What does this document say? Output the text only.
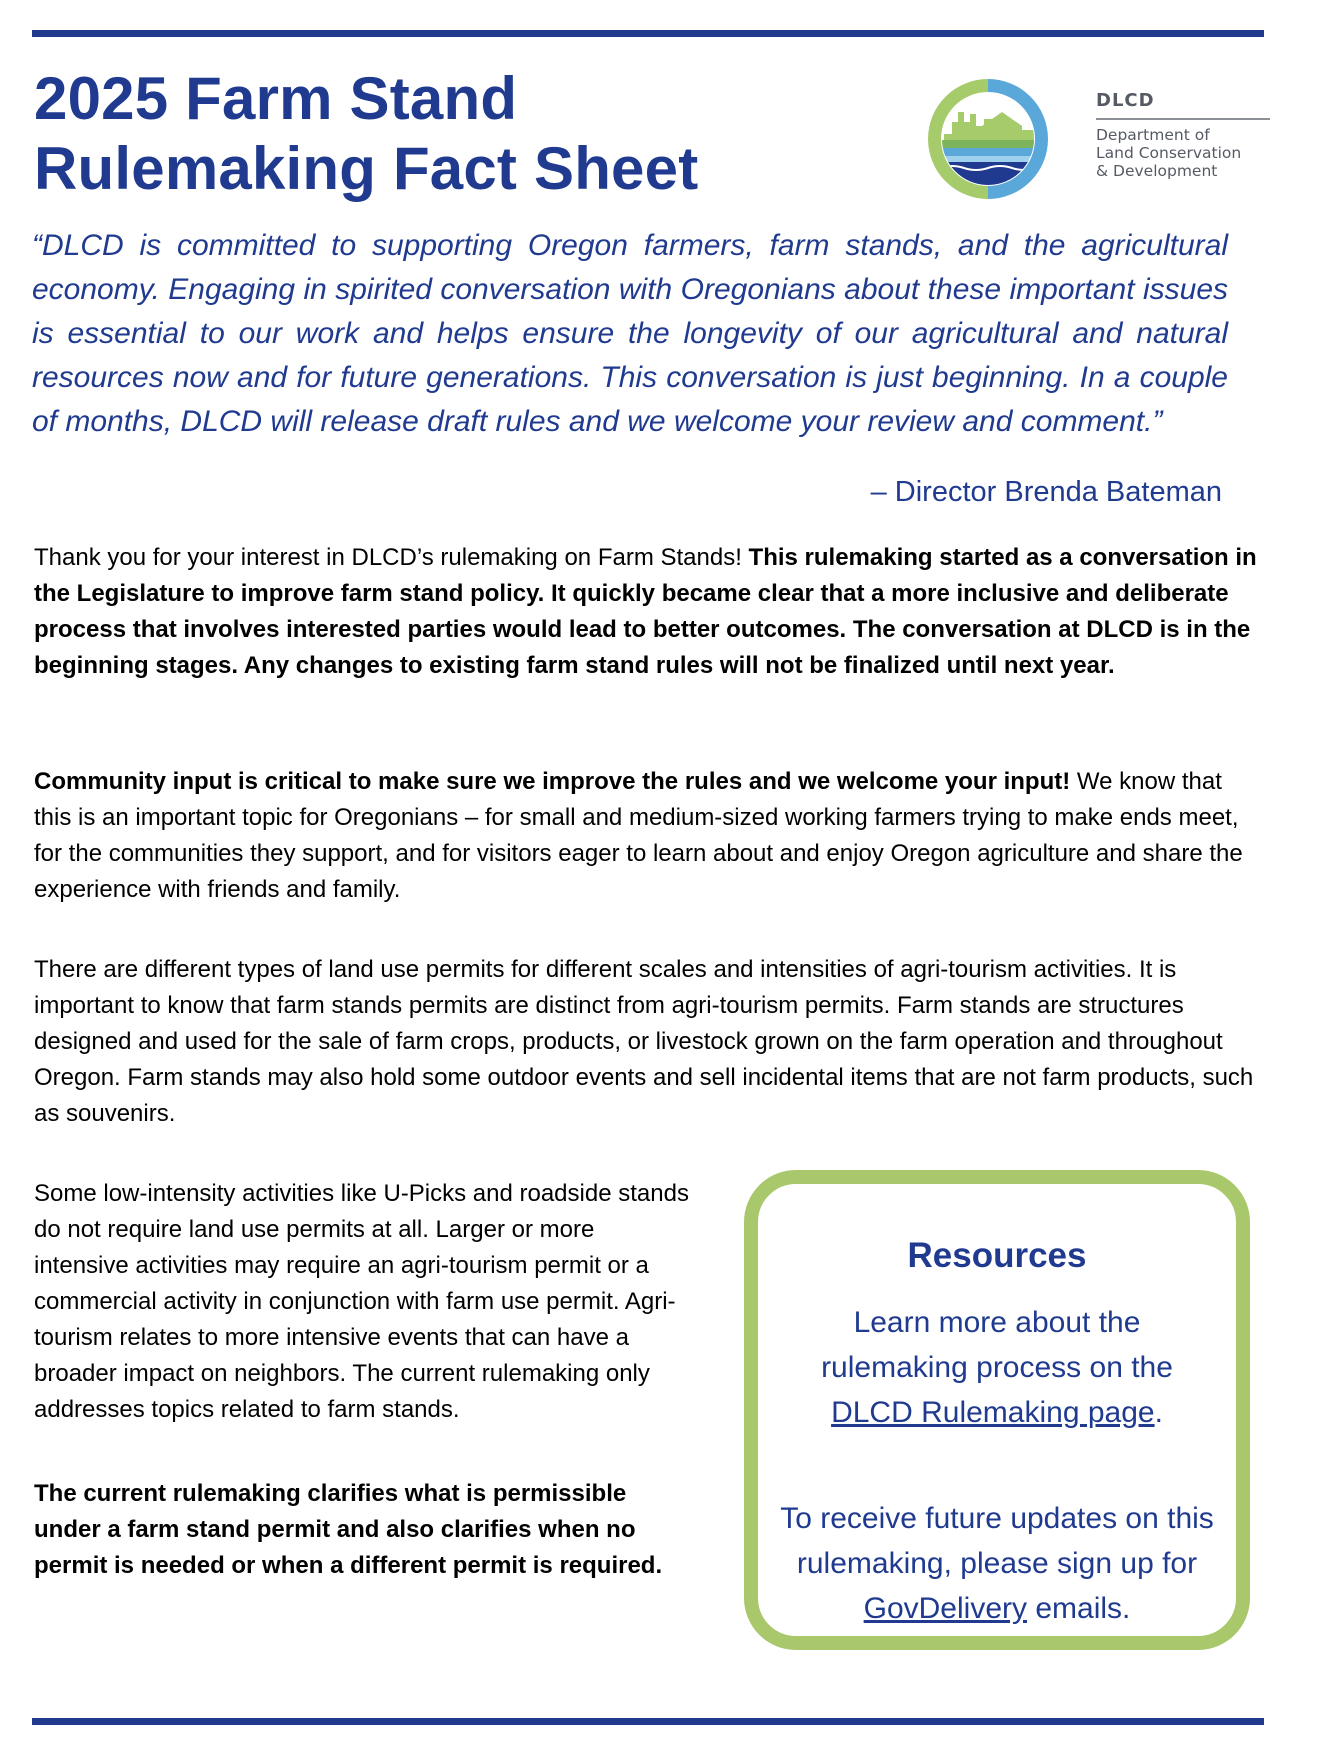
2025 Farm Stand
Rulemaking Fact Sheet
DLCD
Department of
Land Conservation
& Development

“DLCD is committed to supporting Oregon farmers, farm stands, and the agricultural economy. Engaging in spirited conversation with Oregonians about these important issues is essential to our work and helps ensure the longevity of our agricultural and natural resources now and for future generations. This conversation is just beginning. In a couple of months, DLCD will release draft rules and we welcome your review and comment.”

– Director Brenda Bateman

Thank you for your interest in DLCD’s rulemaking on Farm Stands! This rulemaking started as a conversation in the Legislature to improve farm stand policy. It quickly became clear that a more inclusive and deliberate process that involves interested parties would lead to better outcomes. The conversation at DLCD is in the beginning stages. Any changes to existing farm stand rules will not be finalized until next year.

Community input is critical to make sure we improve the rules and we welcome your input! We know that this is an important topic for Oregonians – for small and medium-sized working farmers trying to make ends meet, for the communities they support, and for visitors eager to learn about and enjoy Oregon agriculture and share the experience with friends and family.

There are different types of land use permits for different scales and intensities of agri-tourism activities. It is important to know that farm stands permits are distinct from agri-tourism permits. Farm stands are structures designed and used for the sale of farm crops, products, or livestock grown on the farm operation and throughout Oregon. Farm stands may also hold some outdoor events and sell incidental items that are not farm products, such as souvenirs.

Some low-intensity activities like U-Picks and roadside stands do not require land use permits at all. Larger or more intensive activities may require an agri-tourism permit or a commercial activity in conjunction with farm use permit. Agri-tourism relates to more intensive events that can have a broader impact on neighbors. The current rulemaking only addresses topics related to farm stands.

The current rulemaking clarifies what is permissible under a farm stand permit and also clarifies when no permit is needed or when a different permit is required.

Resources

Learn more about the rulemaking process on the DLCD Rulemaking page.

To receive future updates on this rulemaking, please sign up for GovDelivery emails.
